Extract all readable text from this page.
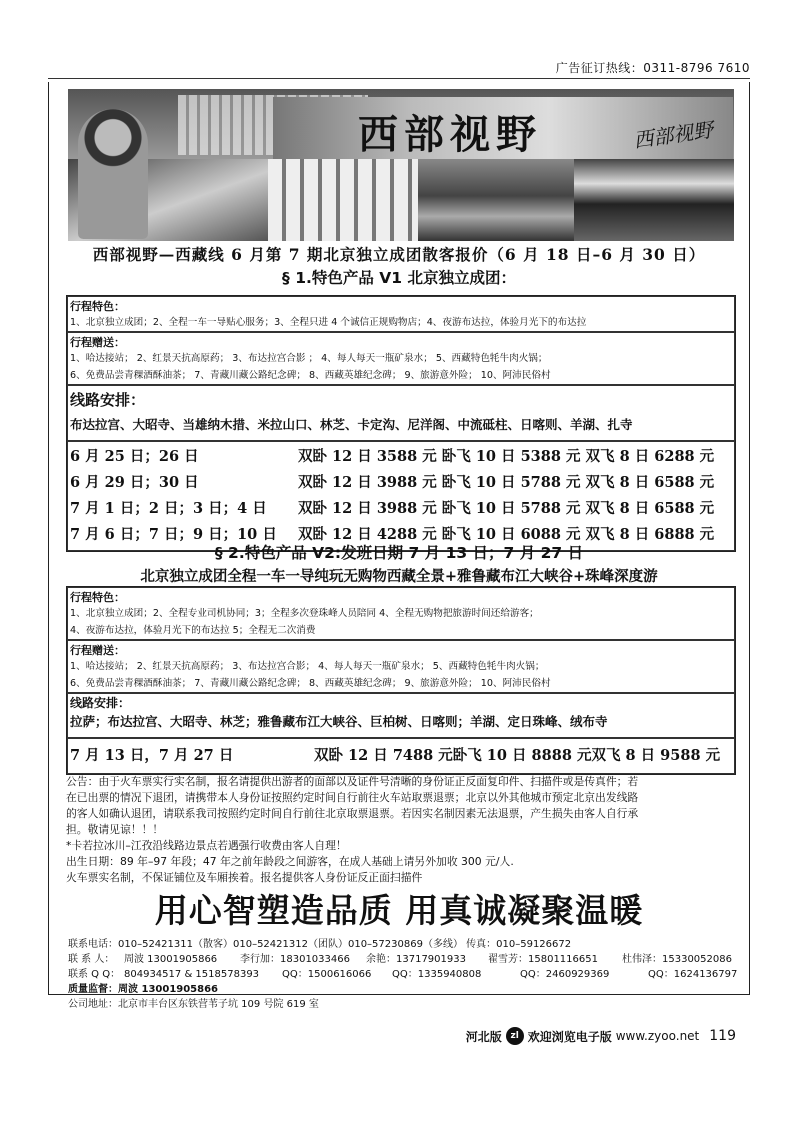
广告征订热线：0311-8796 7610
西部视野	西部视野
西部视野—西藏线 6 月第 7 期北京独立成团散客报价（6 月 18 日–6 月 30 日）
§ 1.特色产品 V1 北京独立成团：
行程特色：
1、北京独立成团；2、全程一车一导贴心服务；3、全程只进 4 个诚信正规购物店；4、夜游布达拉，体验月光下的布达拉
行程赠送：
1、哈达接站； 2、红景天抗高原药； 3、布达拉宫合影 ； 4、每人每天一瓶矿泉水； 5、西藏特色牦牛肉火锅；
6、免费品尝青稞酒酥油茶； 7、青藏川藏公路纪念碑； 8、西藏英雄纪念碑； 9、旅游意外险； 10、阿沛民俗村
线路安排：
布达拉宫、大昭寺、当雄纳木措、米拉山口、林芝、卡定沟、尼洋阁、中流砥柱、日喀则、羊湖、扎寺
6 月 25 日；26 日	双卧 12 日 3588 元 卧飞 10 日 5388 元 双飞 8 日 6288 元
6 月 29 日；30 日	双卧 12 日 3988 元 卧飞 10 日 5788 元 双飞 8 日 6588 元
7 月 1 日；2 日；3 日；4 日	双卧 12 日 3988 元 卧飞 10 日 5788 元 双飞 8 日 6588 元
7 月 6 日；7 日；9 日；10 日	双卧 12 日 4288 元 卧飞 10 日 6088 元 双飞 8 日 6888 元
§ 2.特色产品 V2:发班日期 7 月 13 日；7 月 27 日
北京独立成团全程一车一导纯玩无购物西藏全景+雅鲁藏布江大峡谷+珠峰深度游
行程特色：
1、北京独立成团；2、全程专业司机协同；3；全程多次登珠峰人员陪同 4、全程无购物把旅游时间还给游客；
4、夜游布达拉，体验月光下的布达拉 5；全程无二次消费
行程赠送：
1、哈达接站； 2、红景天抗高原药； 3、布达拉宫合影； 4、每人每天一瓶矿泉水； 5、西藏特色牦牛肉火锅；
6、免费品尝青稞酒酥油茶； 7、青藏川藏公路纪念碑； 8、西藏英雄纪念碑； 9、旅游意外险； 10、阿沛民俗村
线路安排：
拉萨；布达拉宫、大昭寺、林芝；雅鲁藏布江大峡谷、巨柏树、日喀则；羊湖、定日珠峰、绒布寺
7 月 13 日，7 月 27 日	双卧 12 日 7488 元卧飞 10 日 8888 元双飞 8 日 9588 元
公告：由于火车票实行实名制，报名请提供出游者的面部以及证件号清晰的身份证正反面复印件、扫描件或是传真件；若
在已出票的情况下退团，请携带本人身份证按照约定时间自行前往火车站取票退票；北京以外其他城市预定北京出发线路
的客人如确认退团，请联系我司按照约定时间自行前往北京取票退票。若因实名制因素无法退票，产生损失由客人自行承
担。敬请见谅！！！
*卡若拉冰川–江孜沿线路边景点若遇强行收费由客人自理！
出生日期：89 年–97 年段；47 年之前年龄段之间游客，在成人基础上请另外加收 300 元/人.
火车票实名制，不保证铺位及车厢挨着。报名提供客人身份证反正面扫描件
用心智塑造品质 用真诚凝聚温暖
联系电话：010–52421311（散客）010–52421312（团队）010–57230869（多线） 传真：010–59126672
联 系 人： 周波 13001905866	李行加：18301033466	余艳：13717901933	翟雪芳：15801116651	杜伟泽：15330052086
联系 Q Q： 804934517 & 1518578393	QQ：1500616066	QQ：1335940808	QQ：2460929369	QQ：1624136797
质量监督：周波 13001905866
公司地址：北京市丰台区东铁营苇子坑 109 号院 619 室
河北版 zl 欢迎浏览电子版 www.zyoo.net 119
